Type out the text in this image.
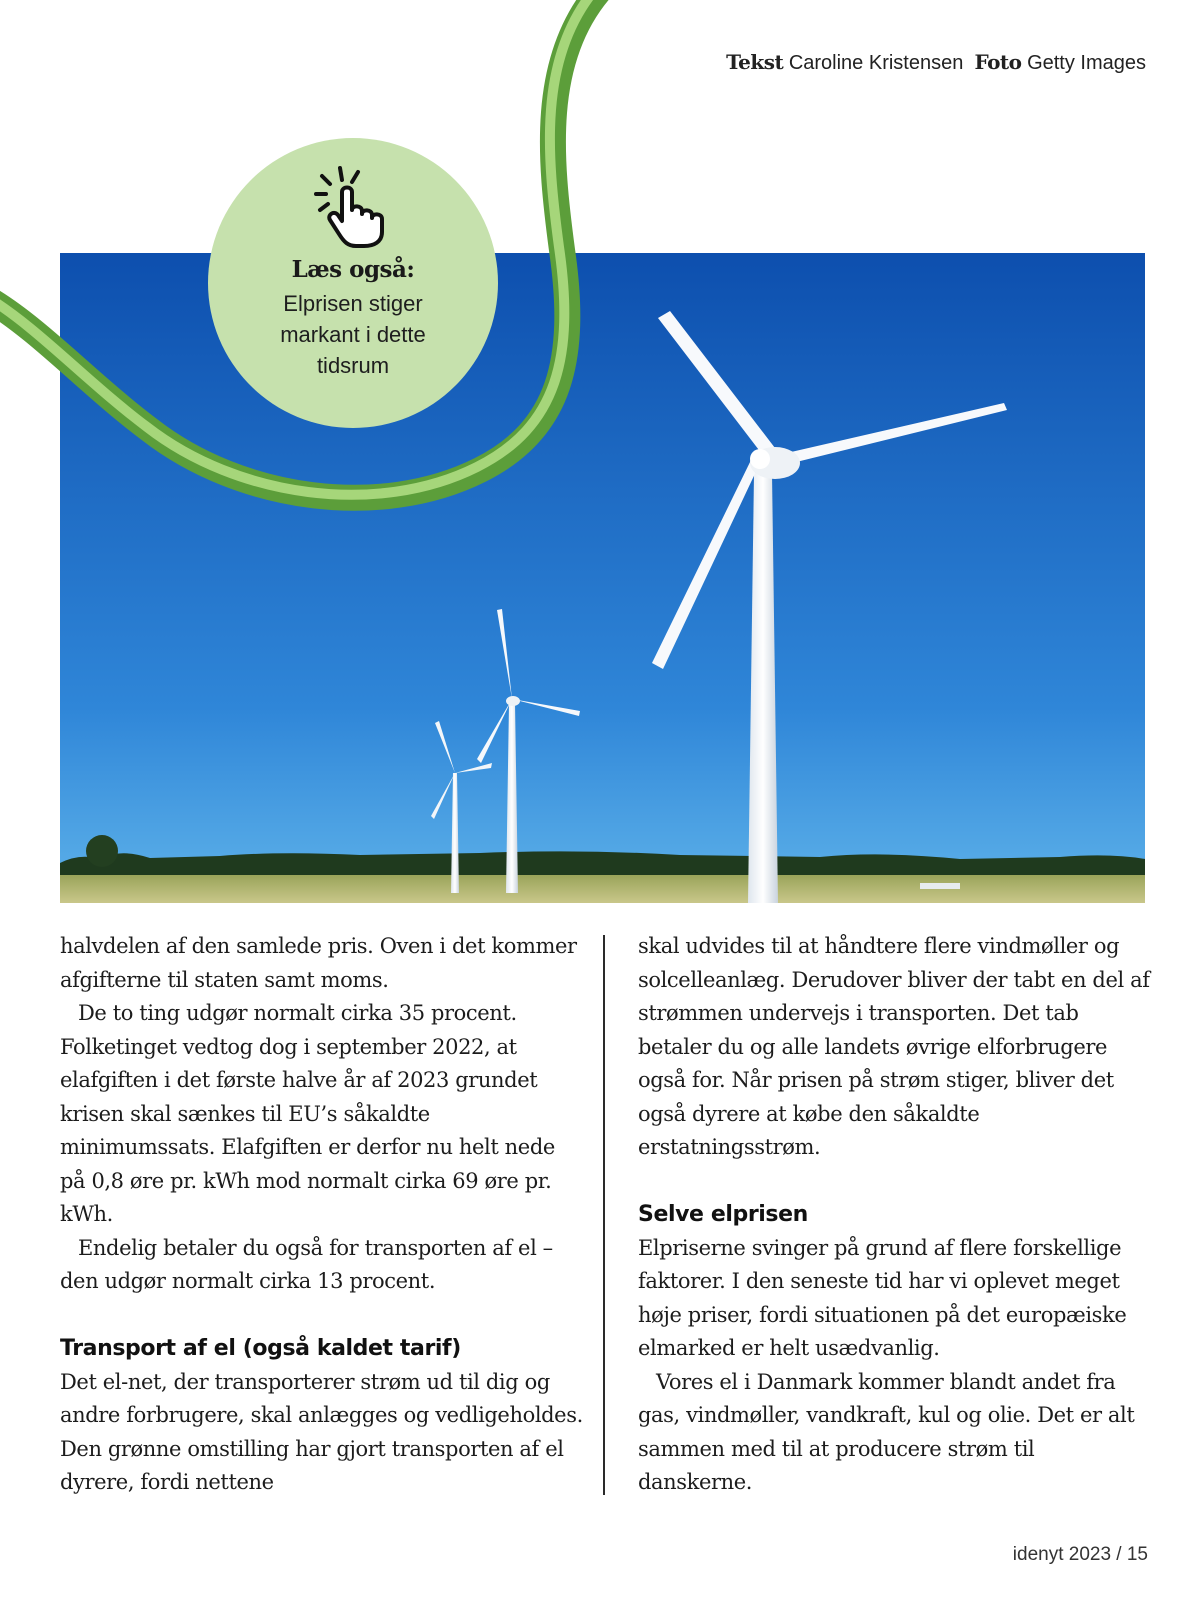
Tekst Caroline Kristensen Foto Getty Images
Læs også:
Elprisen stiger
markant i dette
tidsrum

halvdelen af den samlede pris. Oven i det kommer afgifterne til staten samt moms.

De to ting udgør normalt cirka 35 procent. Folketinget vedtog dog i september 2022, at elafgiften i det første halve år af 2023 grundet krisen skal sænkes til EU’s såkaldte minimumssats. Elafgiften er derfor nu helt nede på 0,8 øre pr. kWh mod normalt cirka 69 øre pr. kWh.

Endelig betaler du også for transporten af el – den udgør normalt cirka 13 procent.

Transport af el (også kaldet tarif)

Det el-net, der transporterer strøm ud til dig og andre forbrugere, skal anlægges og vedligeholdes. Den grønne omstilling har gjort transporten af el dyrere, fordi nettene

skal udvides til at håndtere flere vindmøller og solcelleanlæg. Derudover bliver der tabt en del af strømmen undervejs i transporten. Det tab betaler du og alle landets øvrige elforbrugere også for. Når prisen på strøm stiger, bliver det også dyrere at købe den såkaldte erstatningsstrøm.

Selve elprisen

Elpriserne svinger på grund af flere forskellige faktorer. I den seneste tid har vi oplevet meget høje priser, fordi situationen på det europæiske elmarked er helt usædvanlig.

Vores el i Danmark kommer blandt andet fra gas, vindmøller, vandkraft, kul og olie. Det er alt sammen med til at producere strøm til danskerne.

idenyt 2023 / 15
